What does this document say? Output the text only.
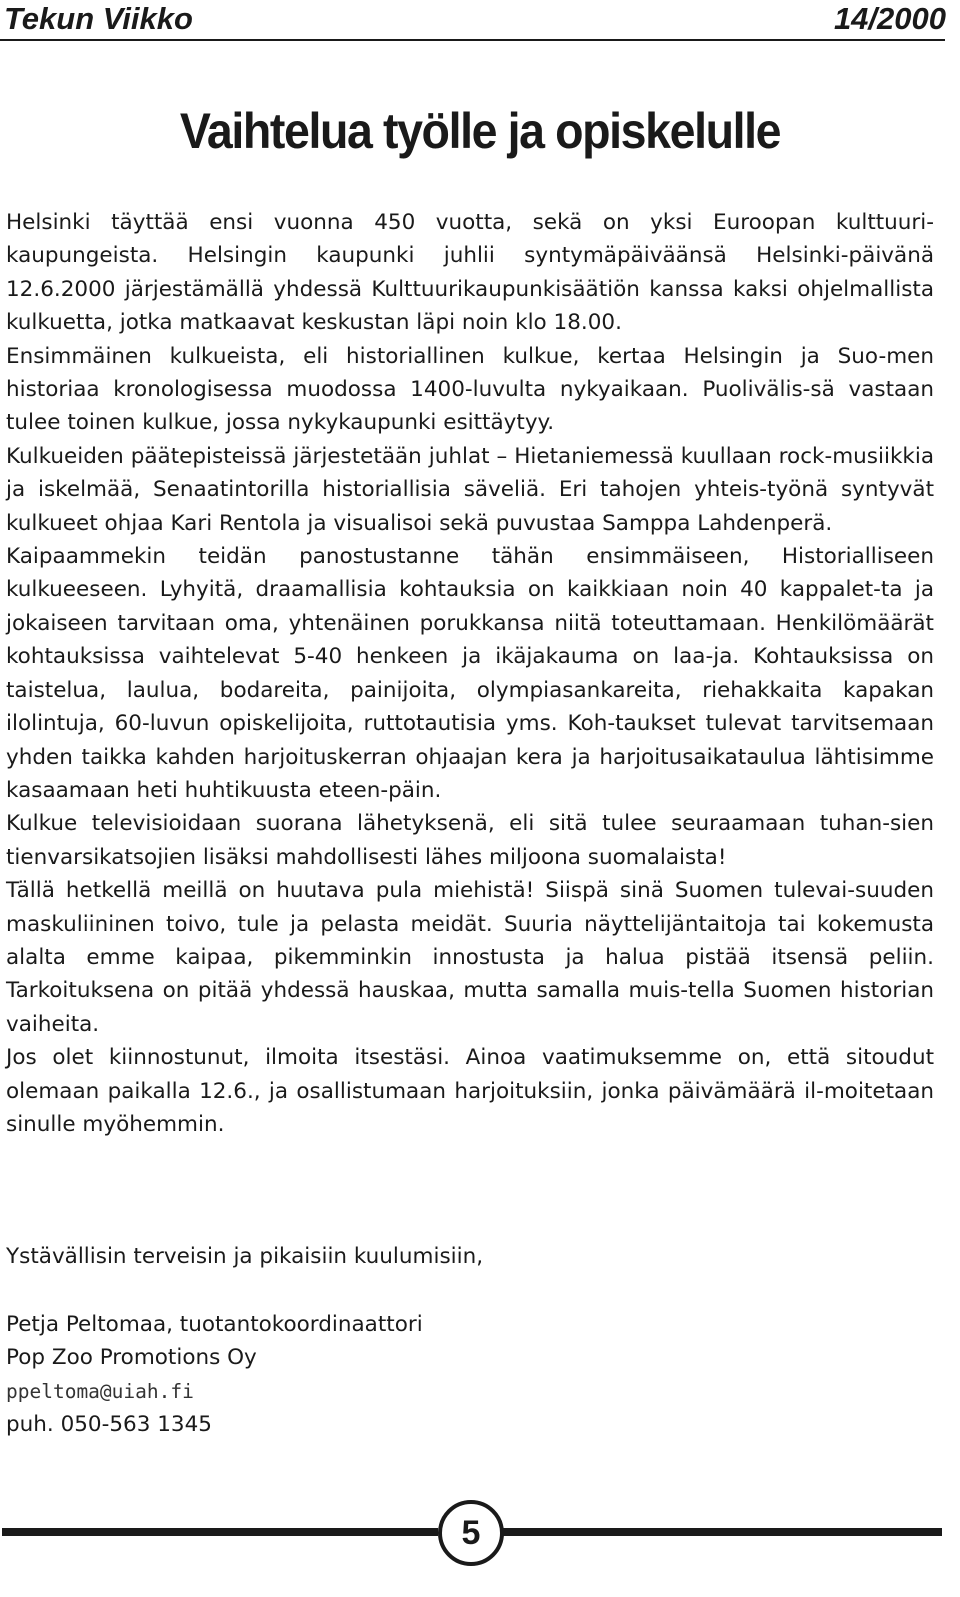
Tekun Viikko	14/2000
Vaihtelua työlle ja opiskelulle

Helsinki täyttää ensi vuonna 450 vuotta, sekä on yksi Euroopan kulttuuri-kaupungeista. Helsingin kaupunki juhlii syntymäpäiväänsä Helsinki-päivänä 12.6.2000 järjestämällä yhdessä Kulttuurikaupunkisäätiön kanssa kaksi ohjelmallista kulkuetta, jotka matkaavat keskustan läpi noin klo 18.00.

Ensimmäinen kulkueista, eli historiallinen kulkue, kertaa Helsingin ja Suo-men historiaa kronologisessa muodossa 1400-luvulta nykyaikaan. Puolivälis-sä vastaan tulee toinen kulkue, jossa nykykaupunki esittäytyy.

Kulkueiden päätepisteissä järjestetään juhlat – Hietaniemessä kuullaan rock-musiikkia ja iskelmää, Senaatintorilla historiallisia säveliä. Eri tahojen yhteis-työnä syntyvät kulkueet ohjaa Kari Rentola ja visualisoi sekä puvustaa Samppa Lahdenperä.

Kaipaammekin teidän panostustanne tähän ensimmäiseen, Historialliseen kulkueeseen. Lyhyitä, draamallisia kohtauksia on kaikkiaan noin 40 kappalet-ta ja jokaiseen tarvitaan oma, yhtenäinen porukkansa niitä toteuttamaan. Henkilömäärät kohtauksissa vaihtelevat 5-40 henkeen ja ikäjakauma on laa-ja. Kohtauksissa on taistelua, laulua, bodareita, painijoita, olympiasankareita, riehakkaita kapakan ilolintuja, 60-luvun opiskelijoita, ruttotautisia yms. Koh-taukset tulevat tarvitsemaan yhden taikka kahden harjoituskerran ohjaajan kera ja harjoitusaikataulua lähtisimme kasaamaan heti huhtikuusta eteen-päin.

Kulkue televisioidaan suorana lähetyksenä, eli sitä tulee seuraamaan tuhan-sien tienvarsikatsojien lisäksi mahdollisesti lähes miljoona suomalaista!

Tällä hetkellä meillä on huutava pula miehistä! Siispä sinä Suomen tulevai-suuden maskuliininen toivo, tule ja pelasta meidät. Suuria näyttelijäntaitoja tai kokemusta alalta emme kaipaa, pikemminkin innostusta ja halua pistää itsensä peliin. Tarkoituksena on pitää yhdessä hauskaa, mutta samalla muis-tella Suomen historian vaiheita.

Jos olet kiinnostunut, ilmoita itsestäsi. Ainoa vaatimuksemme on, että sitoudut olemaan paikalla 12.6., ja osallistumaan harjoituksiin, jonka päivämäärä il-moitetaan sinulle myöhemmin.

Ystävällisin terveisin ja pikaisiin kuulumisiin,
Petja Peltomaa, tuotantokoordinaattori
Pop Zoo Promotions Oy
ppeltoma@uiah.fi
puh. 050-563 1345
5
